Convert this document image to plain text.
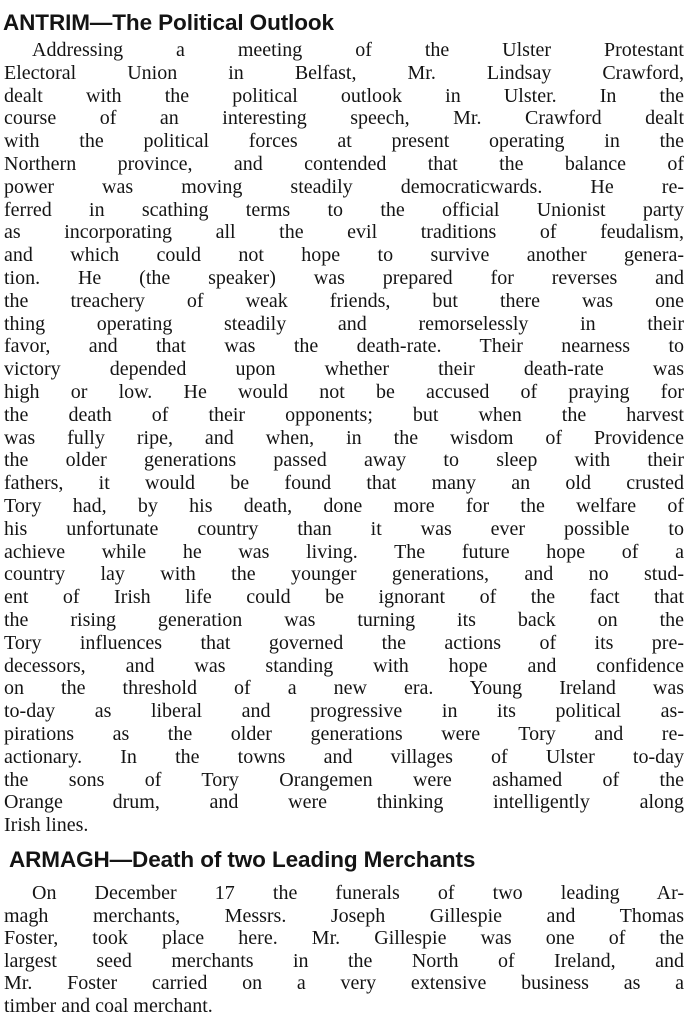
ANTRIM—The Political Outlook
Addressing a meeting of the Ulster Protestant
Electoral Union in Belfast, Mr. Lindsay Crawford,
dealt with the political outlook in Ulster. In the
course of an interesting speech, Mr. Crawford dealt
with the political forces at present operating in the
Northern province, and contended that the balance of
power was moving steadily democraticwards. He re-
ferred in scathing terms to the official Unionist party
as incorporating all the evil traditions of feudalism,
and which could not hope to survive another genera-
tion. He (the speaker) was prepared for reverses and
the treachery of weak friends, but there was one
thing operating steadily and remorselessly in their
favor, and that was the death-rate. Their nearness to
victory depended upon whether their death-rate was
high or low. He would not be accused of praying for
the death of their opponents; but when the harvest
was fully ripe, and when, in the wisdom of Providence
the older generations passed away to sleep with their
fathers, it would be found that many an old crusted
Tory had, by his death, done more for the welfare of
his unfortunate country than it was ever possible to
achieve while he was living. The future hope of a
country lay with the younger generations, and no stud-
ent of Irish life could be ignorant of the fact that
the rising generation was turning its back on the
Tory influences that governed the actions of its pre-
decessors, and was standing with hope and confidence
on the threshold of a new era. Young Ireland was
to-day as liberal and progressive in its political as-
pirations as the older generations were Tory and re-
actionary. In the towns and villages of Ulster to-day
the sons of Tory Orangemen were ashamed of the
Orange drum, and were thinking intelligently along
Irish lines.
ARMAGH—Death of two Leading Merchants
On December 17 the funerals of two leading Ar-
magh merchants, Messrs. Joseph Gillespie and Thomas
Foster, took place here. Mr. Gillespie was one of the
largest seed merchants in the North of Ireland, and
Mr. Foster carried on a very extensive business as a
timber and coal merchant.
